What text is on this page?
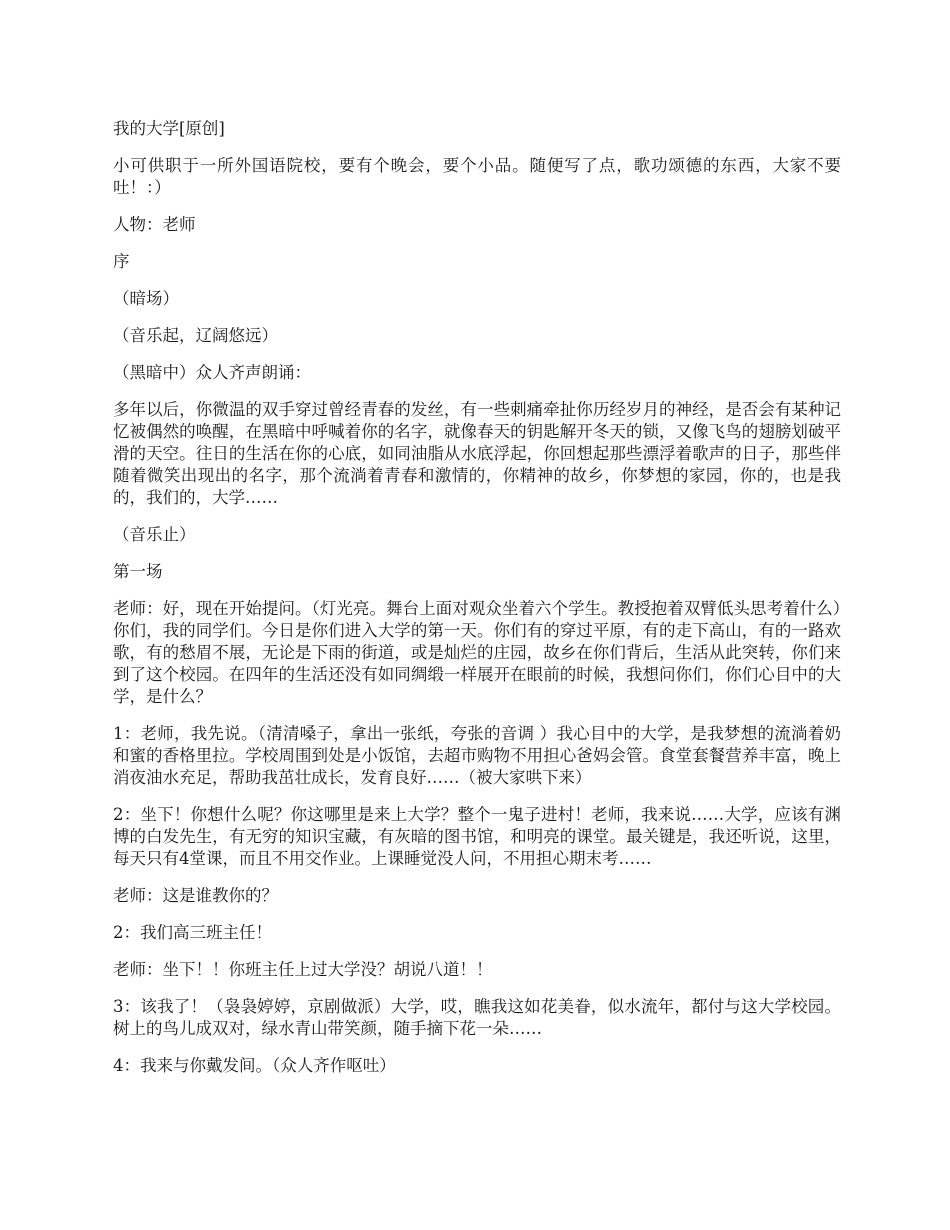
我的大学[原创]

小可供职于一所外国语院校，要有个晚会，要个小品。随便写了点，歌功颂德的东西，大家不要吐！：）

人物：老师

序

（暗场）

（音乐起，辽阔悠远）

（黑暗中）众人齐声朗诵：

多年以后，你微温的双手穿过曾经青春的发丝，有一些刺痛牵扯你历经岁月的神经，是否会有某种记忆被偶然的唤醒，在黑暗中呼喊着你的名字，就像春天的钥匙解开冬天的锁，又像飞鸟的翅膀划破平滑的天空。往日的生活在你的心底，如同油脂从水底浮起，你回想起那些漂浮着歌声的日子，那些伴随着微笑出现出的名字，那个流淌着青春和激情的，你精神的故乡，你梦想的家园，你的，也是我的，我们的，大学……

（音乐止）

第一场

老师：好，现在开始提问。（灯光亮。舞台上面对观众坐着六个学生。教授抱着双臂低头思考着什么）你们，我的同学们。今日是你们进入大学的第一天。你们有的穿过平原，有的走下高山，有的一路欢歌，有的愁眉不展，无论是下雨的街道，或是灿烂的庄园，故乡在你们背后，生活从此突转，你们来到了这个校园。在四年的生活还没有如同绸缎一样展开在眼前的时候，我想问你们，你们心目中的大学，是什么？

1：老师，我先说。（清清嗓子，拿出一张纸，夸张的音调 ）我心目中的大学，是我梦想的流淌着奶和蜜的香格里拉。学校周围到处是小饭馆，去超市购物不用担心爸妈会管。食堂套餐营养丰富，晚上消夜油水充足，帮助我茁壮成长，发育良好……（被大家哄下来）

2：坐下！你想什么呢？你这哪里是来上大学？整个一鬼子进村！老师，我来说……大学，应该有渊博的白发先生，有无穷的知识宝藏，有灰暗的图书馆，和明亮的课堂。最关键是，我还听说，这里，每天只有4堂课，而且不用交作业。上课睡觉没人问，不用担心期末考……

老师：这是谁教你的？

2：我们高三班主任！

老师：坐下！！你班主任上过大学没？胡说八道！！

3：该我了！（袅袅婷婷，京剧做派）大学，哎，瞧我这如花美眷，似水流年，都付与这大学校园。树上的鸟儿成双对，绿水青山带笑颜，随手摘下花一朵……

4：我来与你戴发间。（众人齐作呕吐）
